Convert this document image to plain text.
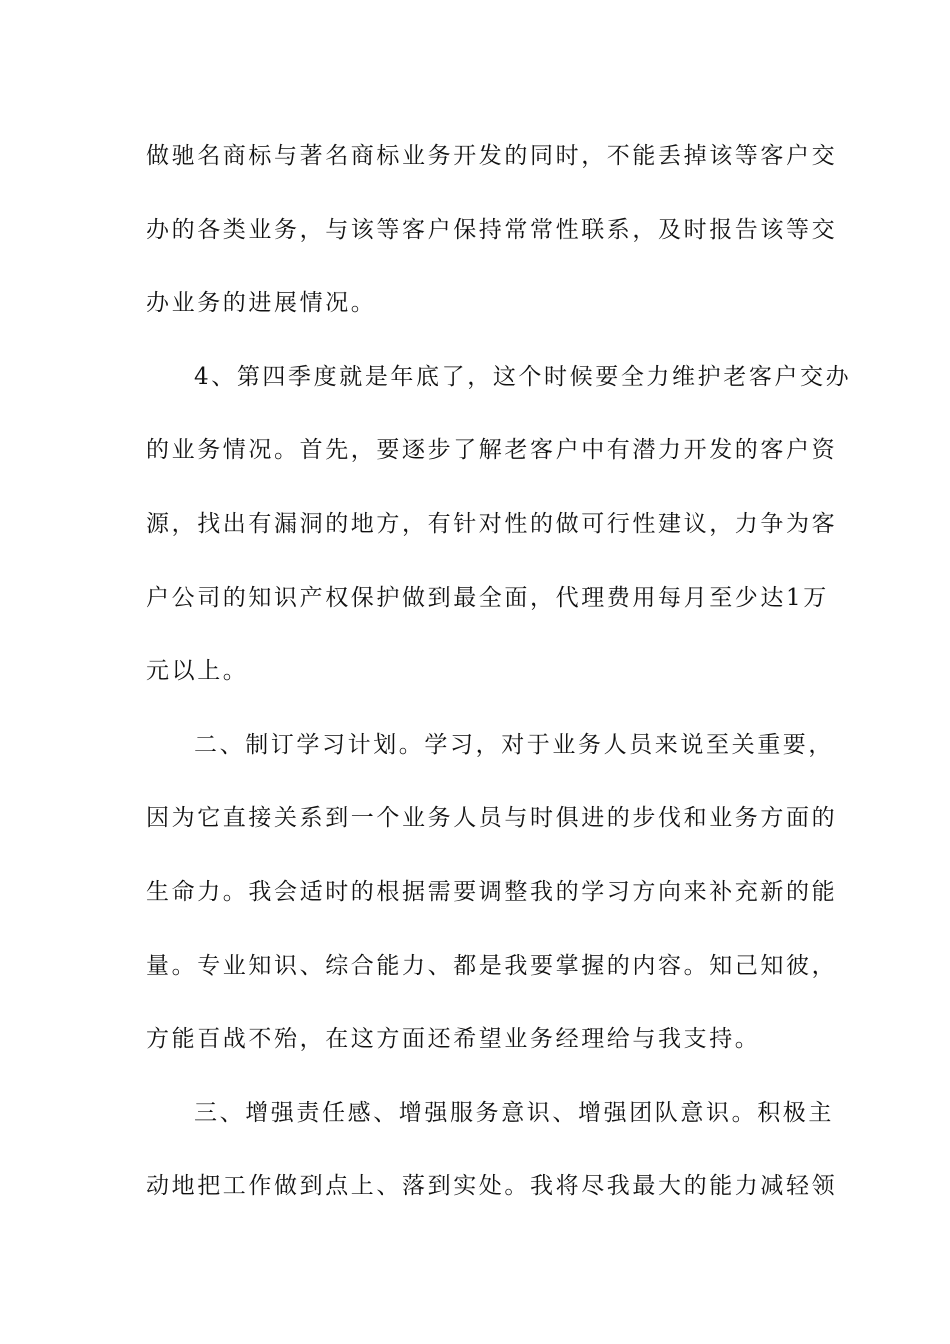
做驰名商标与著名商标业务开发的同时，不能丢掉该等客户交
办的各类业务，与该等客户保持常常性联系，及时报告该等交
办业务的进展情况。
4、第四季度就是年底了，这个时候要全力维护老客户交办
的业务情况。首先，要逐步了解老客户中有潜力开发的客户资
源，找出有漏洞的地方，有针对性的做可行性建议，力争为客
户公司的知识产权保护做到最全面，代理费用每月至少达1万
元以上。
二、制订学习计划。学习，对于业务人员来说至关重要，
因为它直接关系到一个业务人员与时俱进的步伐和业务方面的
生命力。我会适时的根据需要调整我的学习方向来补充新的能
量。专业知识、综合能力、都是我要掌握的内容。知己知彼，
方能百战不殆，在这方面还希望业务经理给与我支持。
三、增强责任感、增强服务意识、增强团队意识。积极主
动地把工作做到点上、落到实处。我将尽我最大的能力减轻领
